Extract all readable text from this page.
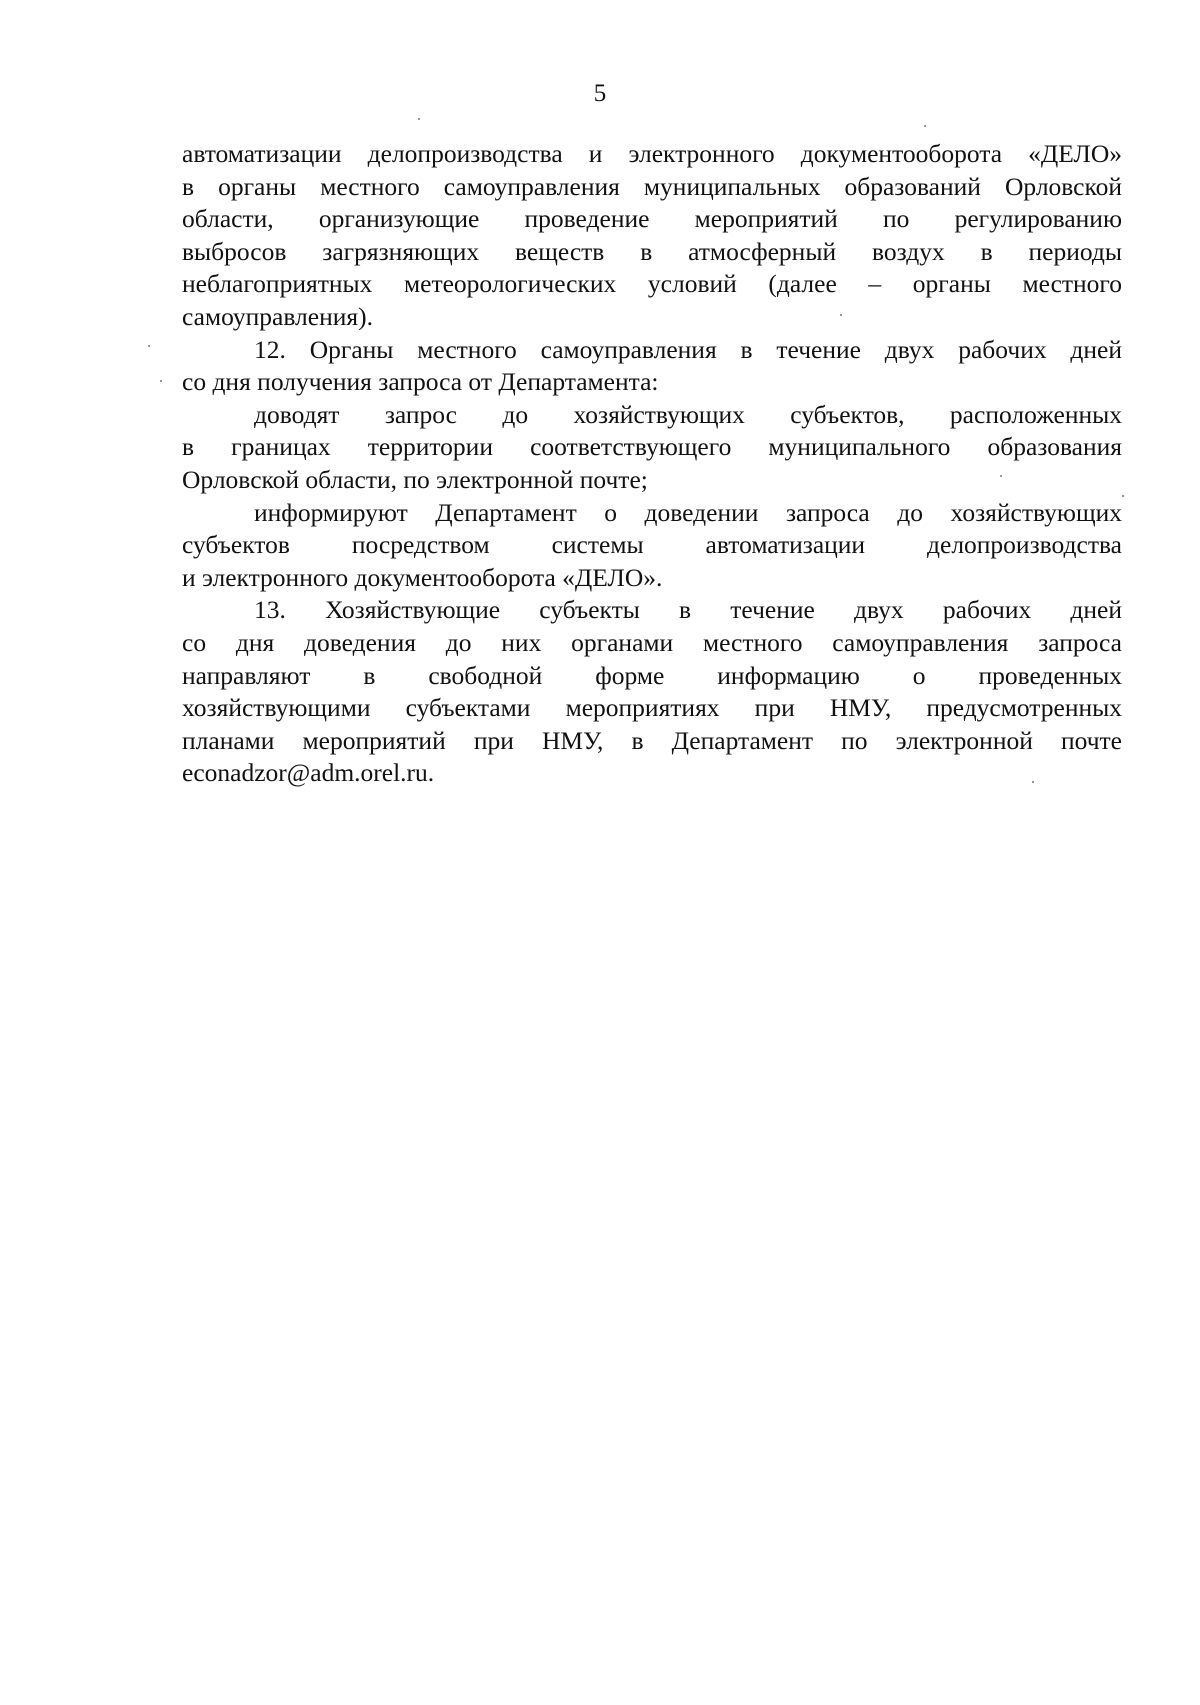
5

автоматизации делопроизводства и электронного документооборота «ДЕЛО»
в органы местного самоуправления муниципальных образований Орловской
области, организующие проведение мероприятий по регулированию
выбросов загрязняющих веществ в атмосферный воздух в периоды
неблагоприятных метеорологических условий (далее – органы местного
самоуправления).

12. Органы местного самоуправления в течение двух рабочих дней
со дня получения запроса от Департамента:

доводят запрос до хозяйствующих субъектов, расположенных
в границах территории соответствующего муниципального образования
Орловской области, по электронной почте;

информируют Департамент о доведении запроса до хозяйствующих
субъектов посредством системы автоматизации делопроизводства
и электронного документооборота «ДЕЛО».

13. Хозяйствующие субъекты в течение двух рабочих дней
со дня доведения до них органами местного самоуправления запроса
направляют в свободной форме информацию о проведенных
хозяйствующими субъектами мероприятиях при НМУ, предусмотренных
планами мероприятий при НМУ, в Департамент по электронной почте
econadzor@adm.orel.ru.
